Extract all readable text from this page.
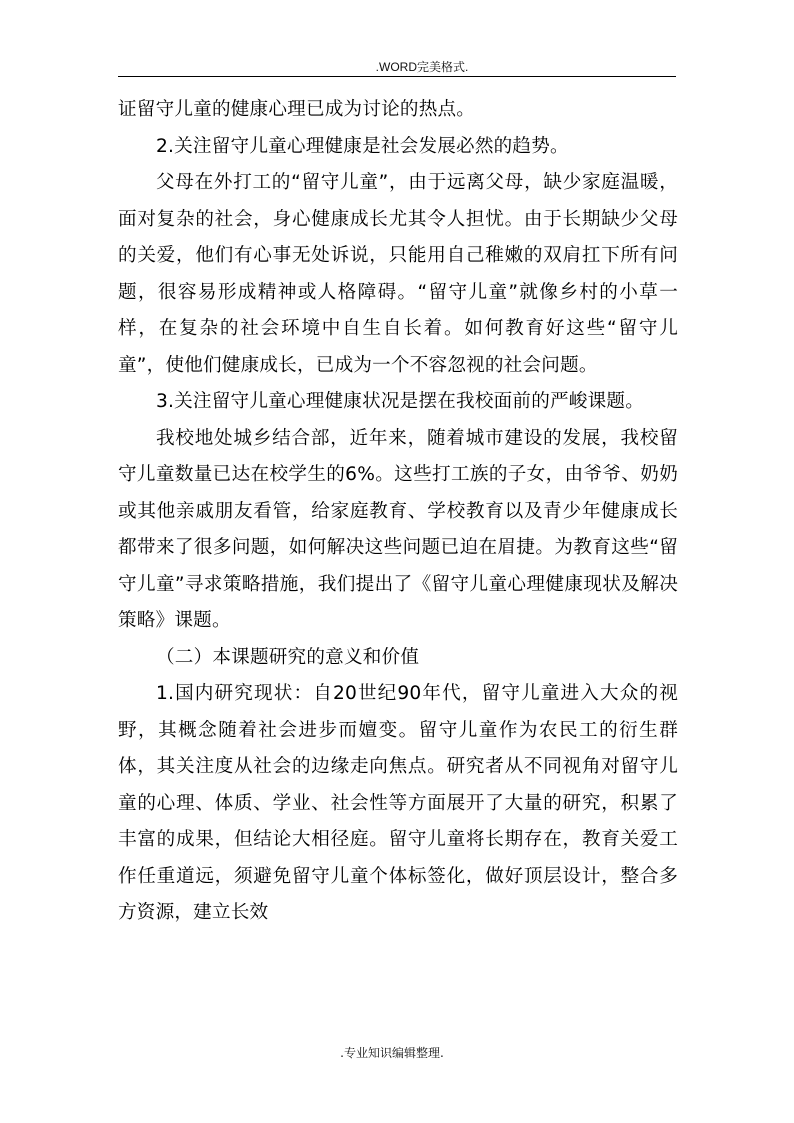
.WORD完美格式.

证留守儿童的健康心理已成为讨论的热点。

2.关注留守儿童心理健康是社会发展必然的趋势。

父母在外打工的“留守儿童”，由于远离父母，缺少家庭温暖，面对复杂的社会，身心健康成长尤其令人担忧。由于长期缺少父母的关爱，他们有心事无处诉说，只能用自己稚嫩的双肩扛下所有问题，很容易形成精神或人格障碍。“留守儿童”就像乡村的小草一样，在复杂的社会环境中自生自长着。如何教育好这些“留守儿童”，使他们健康成长，已成为一个不容忽视的社会问题。

3.关注留守儿童心理健康状况是摆在我校面前的严峻课题。

我校地处城乡结合部，近年来，随着城市建设的发展，我校留守儿童数量已达在校学生的6%。这些打工族的子女，由爷爷、奶奶或其他亲戚朋友看管，给家庭教育、学校教育以及青少年健康成长都带来了很多问题，如何解决这些问题已迫在眉捷。为教育这些“留守儿童”寻求策略措施，我们提出了《留守儿童心理健康现状及解决策略》课题。

（二）本课题研究的意义和价值

1.国内研究现状：自20世纪90年代，留守儿童进入大众的视野，其概念随着社会进步而嬗变。留守儿童作为农民工的衍生群体，其关注度从社会的边缘走向焦点。研究者从不同视角对留守儿童的心理、体质、学业、社会性等方面展开了大量的研究，积累了丰富的成果，但结论大相径庭。留守儿童将长期存在，教育关爱工作任重道远，须避免留守儿童个体标签化，做好顶层设计，整合多方资源，建立长效

.专业知识编辑整理.
